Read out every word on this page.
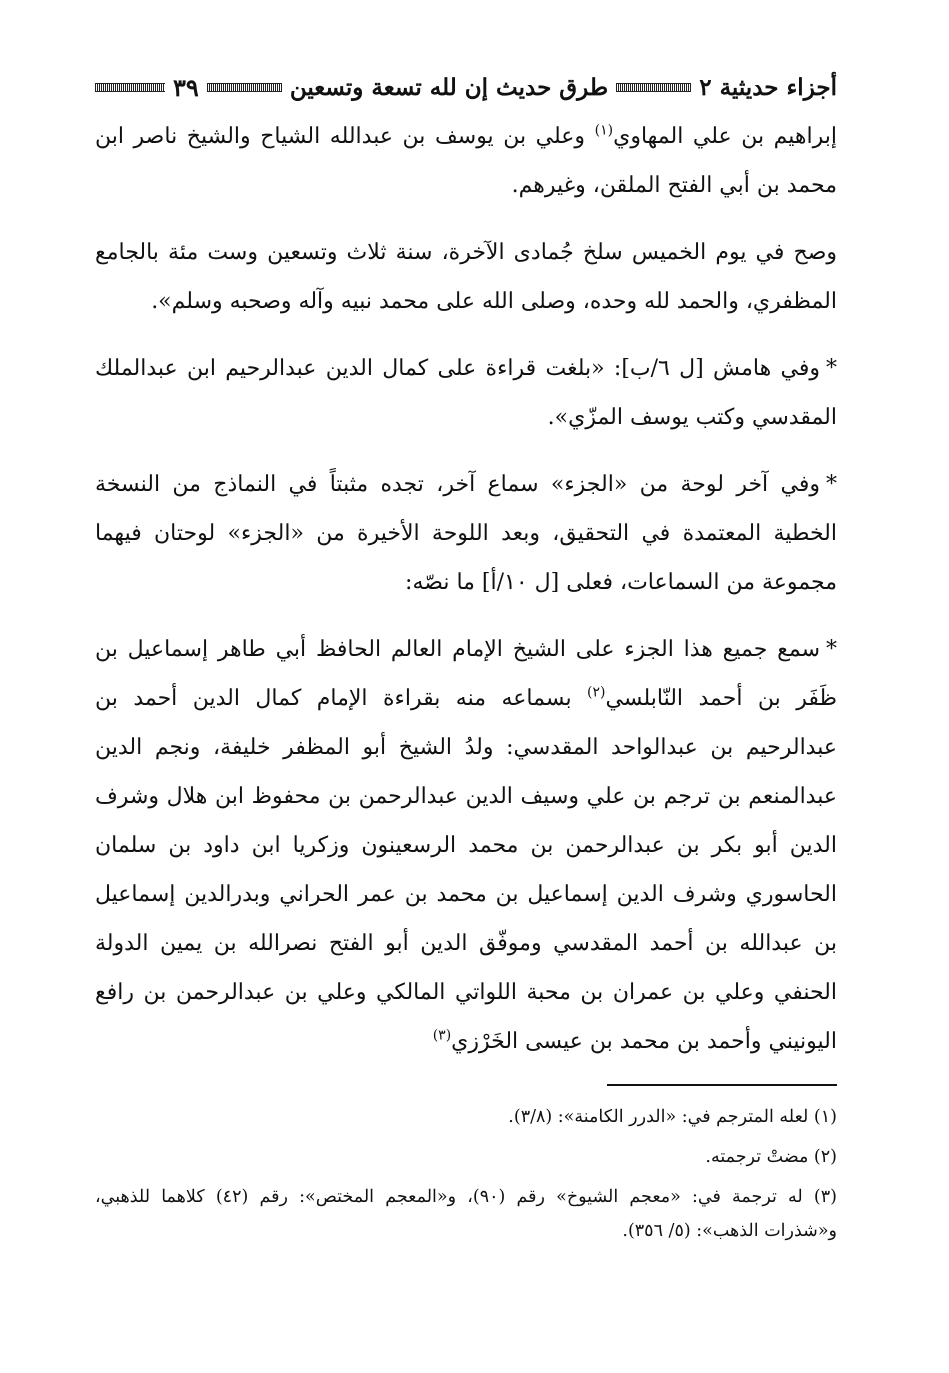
أجزاء حديثية ٢
طرق حديث إن لله تسعة وتسعين
٣٩

إبراهيم بن علي المهاوي$^{(١)}$ وعلي بن يوسف بن عبدالله الشياح والشيخ ناصر ابن محمد بن أبي الفتح الملقن، وغيرهم.

وصح في يوم الخميس سلخ جُمادى الآخرة، سنة ثلاث وتسعين وست مئة بالجامع المظفري، والحمد لله وحده، وصلى الله على محمد نبيه وآله وصحبه وسلم».

*وفي هامش [ل ٦/ب]: «بلغت قراءة على كمال الدين عبدالرحيم ابن عبدالملك المقدسي وكتب يوسف المزّي».

*وفي آخر لوحة من «الجزء» سماع آخر، تجده مثبتاً في النماذج من النسخة الخطية المعتمدة في التحقيق، وبعد اللوحة الأخيرة من «الجزء» لوحتان فيهما مجموعة من السماعات، فعلى [ل ١٠/أ] ما نصّه:

*سمع جميع هذا الجزء على الشيخ الإمام العالم الحافظ أبي طاهر إسماعيل بن ظَفَر بن أحمد النّابلسي$^{(٢)}$ بسماعه منه بقراءة الإمام كمال الدين أحمد بن عبدالرحيم بن عبدالواحد المقدسي: ولدُ الشيخ أبو المظفر خليفة، ونجم الدين عبدالمنعم بن ترجم بن علي وسيف الدين عبدالرحمن بن محفوظ ابن هلال وشرف الدين أبو بكر بن عبدالرحمن بن محمد الرسعينون وزكريا ابن داود بن سلمان الحاسوري وشرف الدين إسماعيل بن محمد بن عمر الحراني وبدرالدين إسماعيل بن عبدالله بن أحمد المقدسي وموفّق الدين أبو الفتح نصرالله بن يمين الدولة الحنفي وعلي بن عمران بن محبة اللواتي المالكي وعلي بن عبدالرحمن بن رافع اليونيني وأحمد بن محمد بن عيسى الخَرْزي$^{(٣)}$

(١) لعله المترجم في: «الدرر الكامنة»: (٣/٨).

(٢) مضتْ ترجمته.

(٣) له ترجمة في: «معجم الشيوخ» رقم (٩٠)، و«المعجم المختص»: رقم (٤٢) كلاهما للذهبي، و«شذرات الذهب»: (٥/ ٣٥٦).
